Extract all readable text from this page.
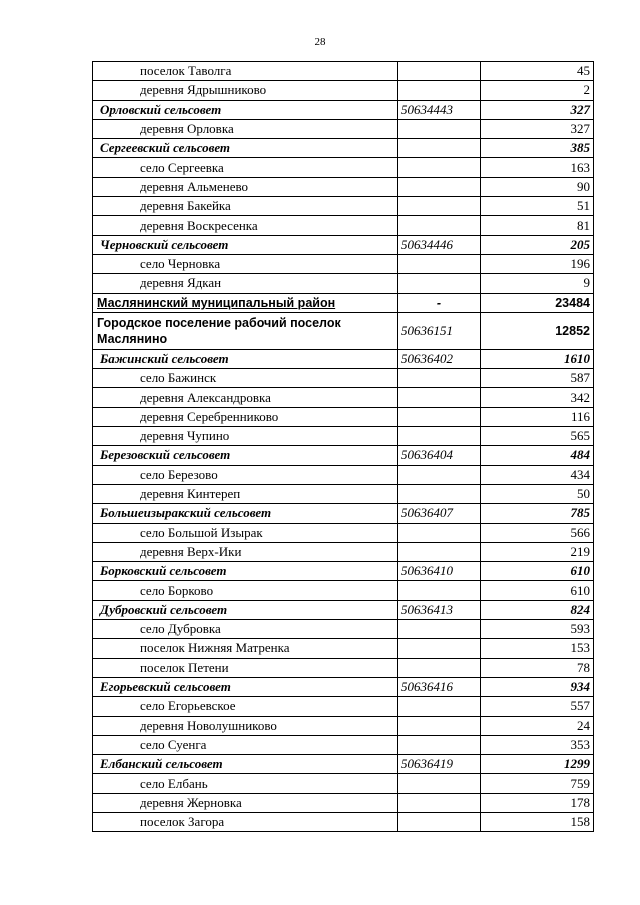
28
поселок Таволга		45
деревня Ядрышниково		2
Орловский сельсовет	50634443	327
деревня Орловка		327
Сергеевский сельсовет		385
село Сергеевка		163
деревня Альменево		90
деревня Бакейка		51
деревня Воскресенка		81
Черновский сельсовет	50634446	205
село Черновка		196
деревня Ядкан		9
Маслянинский муниципальный район	-	23484
Городское поселение рабочий поселок Маслянино	50636151	12852
Бажинский сельсовет	50636402	1610
село Бажинск		587
деревня Александровка		342
деревня Серебренниково		116
деревня Чупино		565
Березовский сельсовет	50636404	484
село Березово		434
деревня Кинтереп		50
Большеизыракский сельсовет	50636407	785
село Большой Изырак		566
деревня Верх-Ики		219
Борковский сельсовет	50636410	610
село Борково		610
Дубровский сельсовет	50636413	824
село Дубровка		593
поселок Нижняя Матренка		153
поселок Петени		78
Егорьевский сельсовет	50636416	934
село Егорьевское		557
деревня Новолушниково		24
село Суенга		353
Елбанский сельсовет	50636419	1299
село Елбань		759
деревня Жерновка		178
поселок Загора		158
